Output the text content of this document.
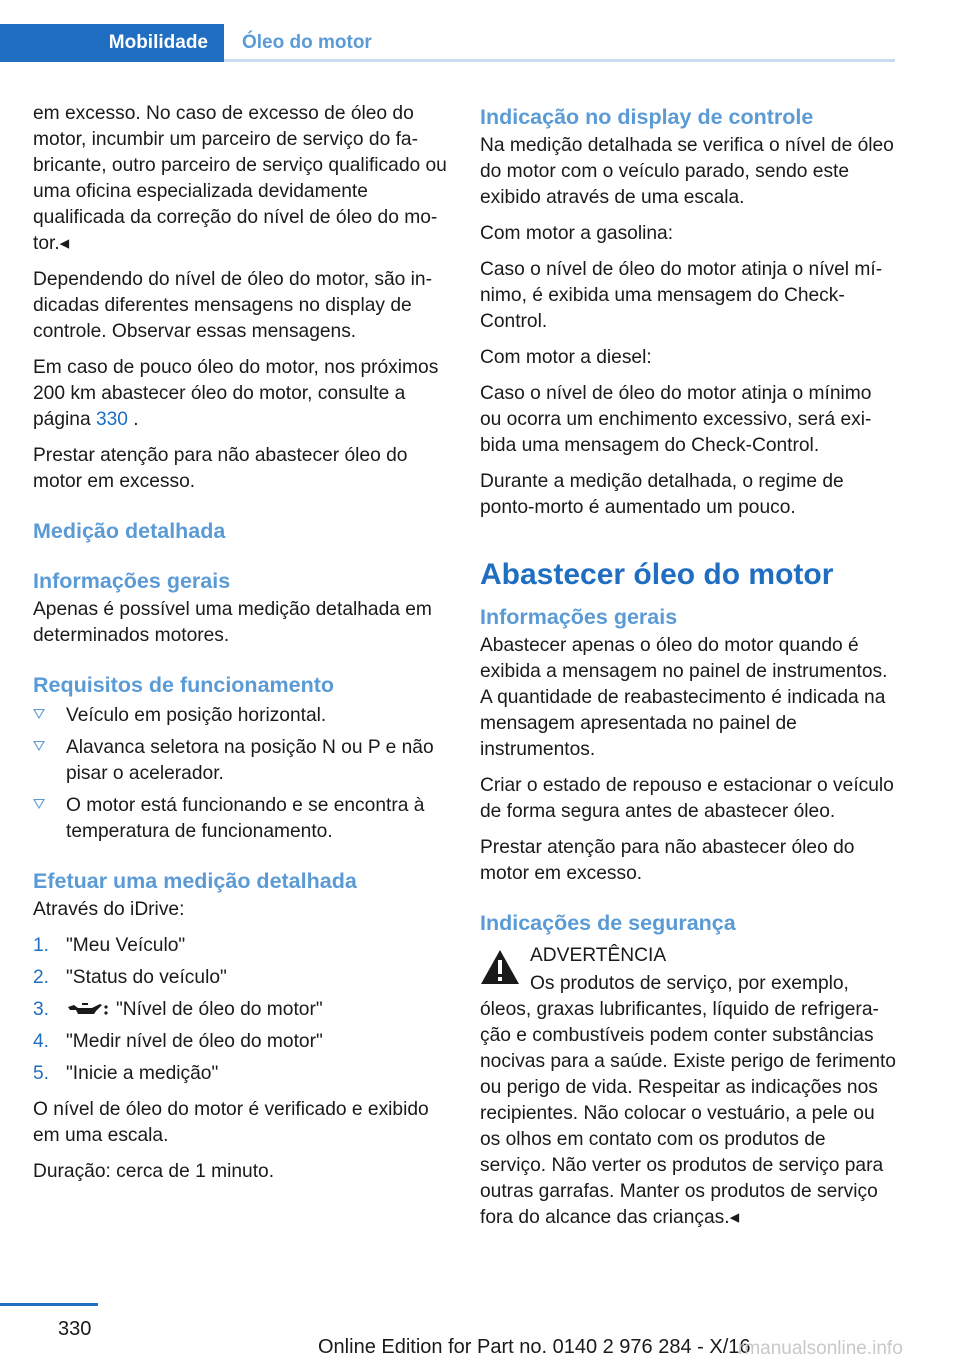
Mobilidade	Óleo do motor

em excesso. No caso de excesso de óleo do motor, incumbir um parceiro de serviço do fabricante, outro parceiro de serviço qualificado ou uma oficina especializada devidamente qualificada da correção do nível de óleo do motor.◂

Dependendo do nível de óleo do motor, são indicadas diferentes mensagens no display de controle. Observar essas mensagens.

Em caso de pouco óleo do motor, nos próximos 200 km abastecer óleo do motor, consulte a página 330 .

Prestar atenção para não abastecer óleo do motor em excesso.

Medição detalhada
Informações gerais

Apenas é possível uma medição detalhada em determinados motores.

Requisitos de funcionamento
Veículo em posição horizontal.
Alavanca seletora na posição N ou P e não pisar o acelerador.
O motor está funcionando e se encontra à temperatura de funcionamento.
Efetuar uma medição detalhada

Através do iDrive:

1. "Meu Veículo"
2. "Status do veículo"
3.	"Nível de óleo do motor"
4. "Medir nível de óleo do motor"
5. "Inicie a medição"

O nível de óleo do motor é verificado e exibido em uma escala.

Duração: cerca de 1 minuto.

Indicação no display de controle

Na medição detalhada se verifica o nível de óleo do motor com o veículo parado, sendo este exibido através de uma escala.

Com motor a gasolina:

Caso o nível de óleo do motor atinja o nível mínimo, é exibida uma mensagem do Check-Control.

Com motor a diesel:

Caso o nível de óleo do motor atinja o mínimo ou ocorra um enchimento excessivo, será exibida uma mensagem do Check-Control.

Durante a medição detalhada, o regime de ponto-morto é aumentado um pouco.

Abastecer óleo do motor
Informações gerais

Abastecer apenas o óleo do motor quando é exibida a mensagem no painel de instrumentos. A quantidade de reabastecimento é indicada na mensagem apresentada no painel de instrumentos.

Criar o estado de repouso e estacionar o veículo de forma segura antes de abastecer óleo.

Prestar atenção para não abastecer óleo do motor em excesso.

Indicações de segurança
ADVERTÊNCIA

Os produtos de serviço, por exemplo, óleos, graxas lubrificantes, líquido de refrigeração e combustíveis podem conter substâncias nocivas para a saúde. Existe perigo de ferimento ou perigo de vida. Respeitar as indicações nos recipientes. Não colocar o vestuário, a pele ou os olhos em contato com os produtos de serviço. Não verter os produtos de serviço para outras garrafas. Manter os produtos de serviço fora do alcance das crianças.◂

330
Online Edition for Part no. 0140 2 976 284 - X/16
rmanualsonline.info
